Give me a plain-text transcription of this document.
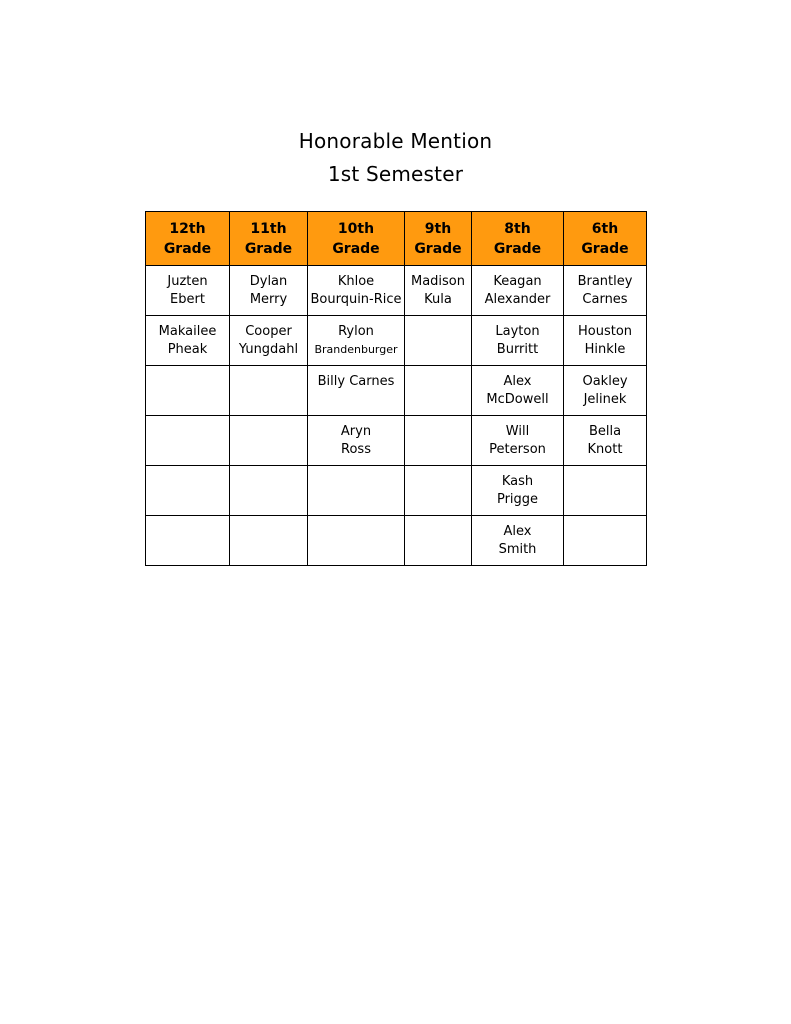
Honorable Mention
1st Semester
12th
Grade	11th
Grade	10th
Grade	9th
Grade	8th
Grade	6th
Grade

Juzten
Ebert	Dylan
Merry	Khloe
Bourquin-Rice	Madison
Kula	Keagan
Alexander	Brantley
Carnes

Makailee
Pheak	Cooper
Yungdahl	Rylon
Brandenburger		Layton
Burritt	Houston
Hinkle

		Billy Carnes		Alex
McDowell	Oakley
Jelinek

		Aryn
Ross		Will
Peterson	Bella
Knott

				Kash
Prigge	

				Alex
Smith	
